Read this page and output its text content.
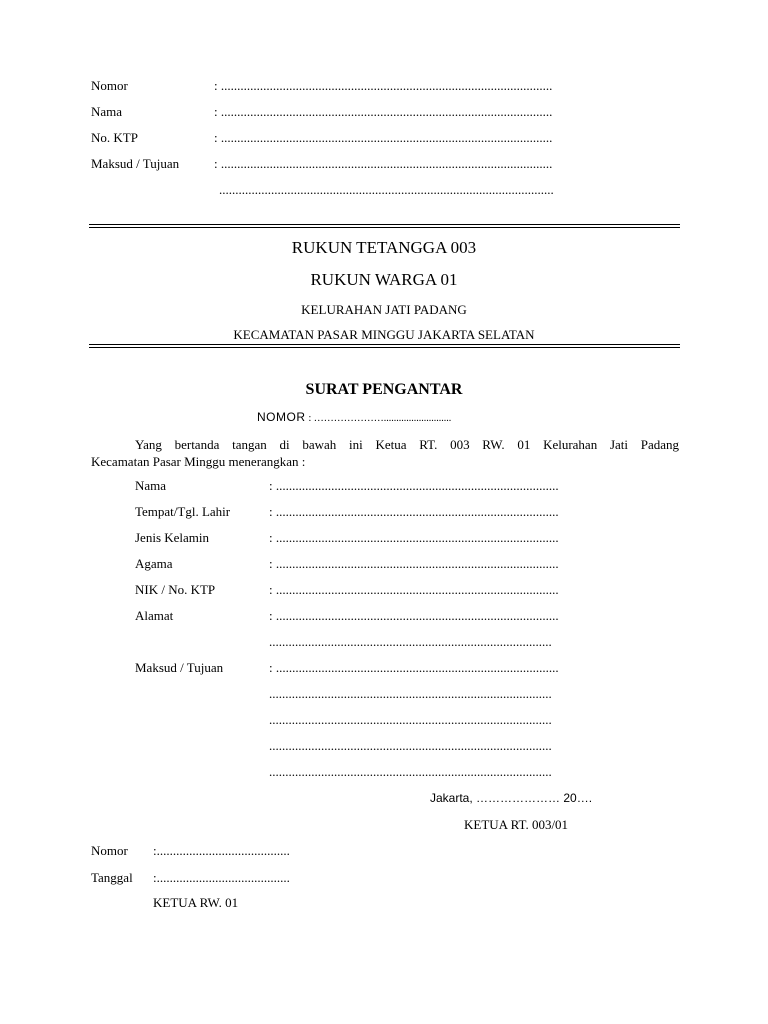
Nomor	: ......................................................................................................
Nama	: ......................................................................................................
No. KTP	: ......................................................................................................
Maksud / Tujuan	: ......................................................................................................
.......................................................................................................
RUKUN TETANGGA 003
RUKUN WARGA 01
KELURAHAN JATI PADANG
KECAMATAN PASAR MINGGU JAKARTA SELATAN
SURAT PENGANTAR
NOMOR : …………………...........................
Yang bertanda tangan di bawah ini Ketua RT. 003 RW. 01 Kelurahan Jati Padang
Kecamatan Pasar Minggu menerangkan :
Nama	: .......................................................................................
Tempat/Tgl. Lahir	: .......................................................................................
Jenis Kelamin	: .......................................................................................
Agama	: .......................................................................................
NIK / No. KTP	: .......................................................................................
Alamat	: .......................................................................................
.......................................................................................
Maksud / Tujuan	: .......................................................................................
.......................................................................................
.......................................................................................
.......................................................................................
.......................................................................................
Jakarta, ………………… 20….
KETUA RT. 003/01
Nomor :.........................................
Tanggal :.........................................
KETUA RW. 01
